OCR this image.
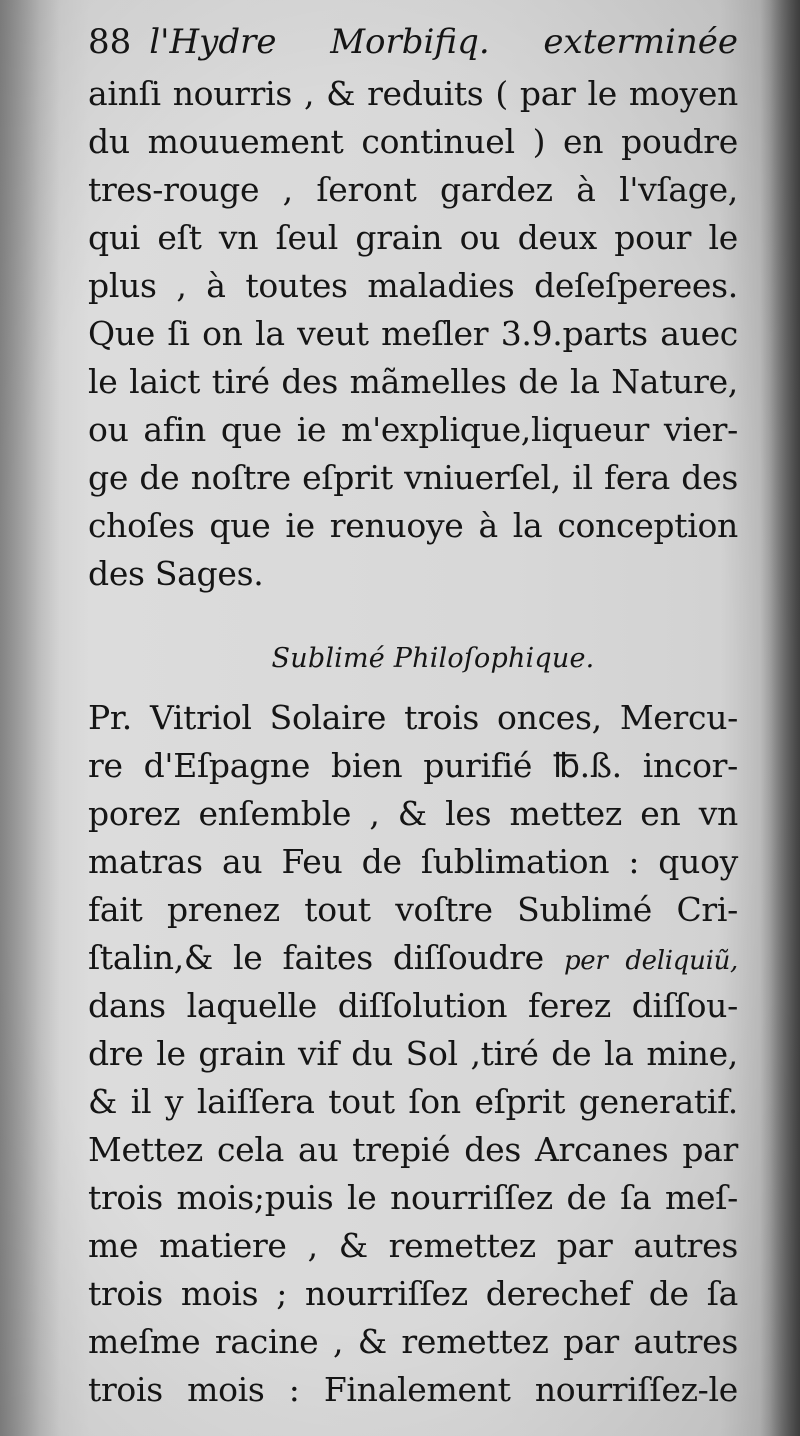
88 l'Hydre Morbifiq. exterminée
ainſi nourris , & reduits ( par le moyen
du mouuement continuel ) en poudre
tres-rouge , ſeront gardez à l'vſage,
qui eſt vn ſeul grain ou deux pour le
plus , à toutes maladies deſeſperees.
Que ſi on la veut meſler 3.9.parts auec
le laict tiré des mãmelles de la Nature,
ou afin que ie m'explique,liqueur vier-
ge de noſtre eſprit vniuerſel, il fera des
choſes que ie renuoye à la conception
des Sages.
Sublimé Philoſophique.
Pr. Vitriol Solaire trois onces, Mercu-
re d'Eſpagne bien purifié ℔.ß. incor-
porez enſemble , & les mettez en vn
matras au Feu de ſublimation : quoy
fait prenez tout voſtre Sublimé Cri-
ſtalin,& le faites diſſoudre per deliquiũ,
dans laquelle diſſolution ferez diſſou-
dre le grain vif du Sol ,tiré de la mine,
& il y laiſſera tout ſon eſprit generatif.
Mettez cela au trepié des Arcanes par
trois mois;puis le nourriſſez de ſa meſ-
me matiere , & remettez par autres
trois mois ; nourriſſez derechef de ſa
meſme racine , & remettez par autres
trois mois : Finalement nourriſſez-le
